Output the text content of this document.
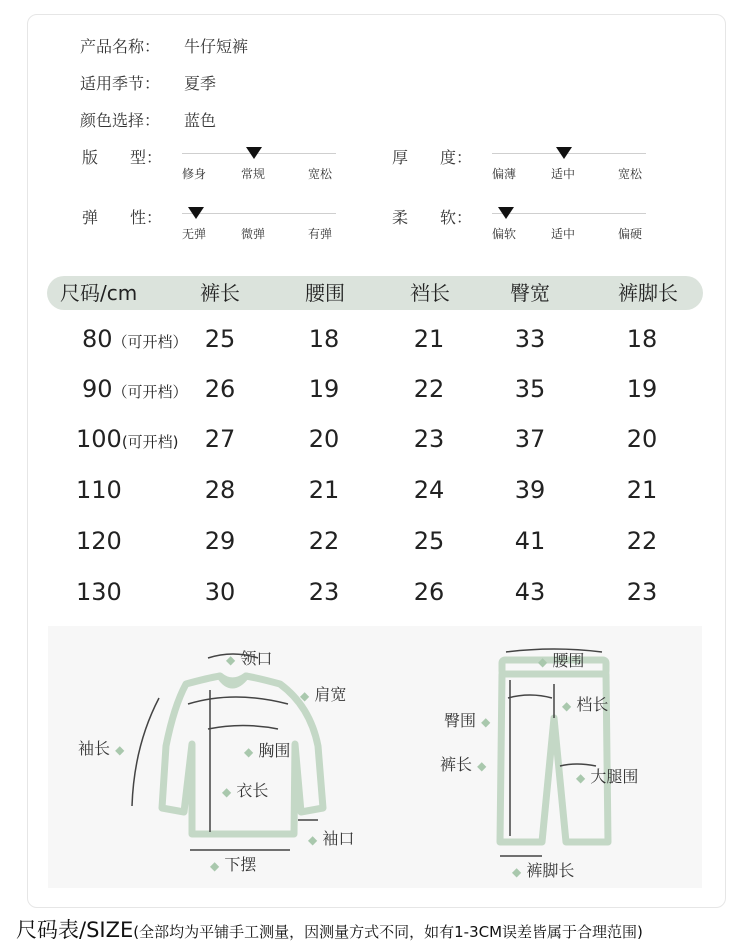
产品名称： 牛仔短裤
适用季节： 夏季
颜色选择： 蓝色
版　　型：
修身	常规	宽松
厚　　度：
偏薄	适中	宽松
弹　　性：
无弹	微弹	有弹
柔　　软：
偏软	适中	偏硬
尺码/cm	裤长	腰围	裆长	臀宽	裤脚长
80（可开档） 25	18	21	33	18
90（可开档） 26	19	22	35	19
100(可开档)	27	20	23	37	20
110	28	21	24	39	21
120	29	22	25	41	22
130	30	23	26	43	23
◆ 领口
◆ 肩宽
袖长 ◆	◆ 胸围
◆ 衣长
◆ 袖口
◆ 下摆
◆ 腰围
◆ 档长
臀围 ◆
裤长 ◆
◆ 大腿围
◆ 裤脚长
尺码表/SIZE(全部均为平铺手工测量，因测量方式不同，如有1-3CM误差皆属于合理范围)
